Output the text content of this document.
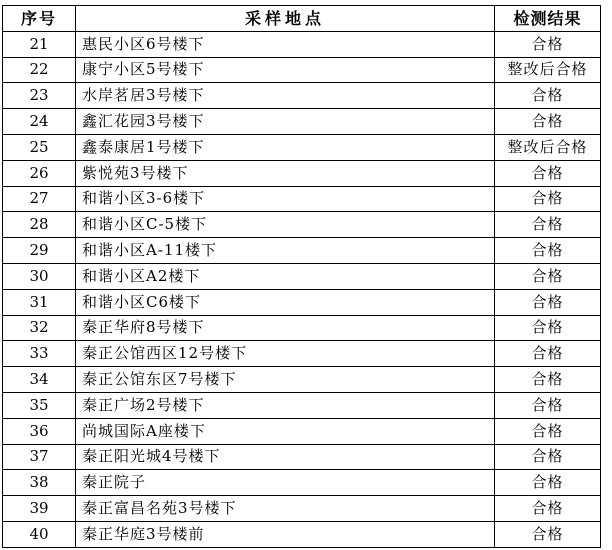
序号	采样地点	检测结果
21	惠民小区6号楼下	合格
22	康宁小区5号楼下	整改后合格
23	水岸茗居3号楼下	合格
24	鑫汇花园3号楼下	合格
25	鑫泰康居1号楼下	整改后合格
26	紫悦苑3号楼下	合格
27	和谐小区3-6楼下	合格
28	和谐小区C-5楼下	合格
29	和谐小区A-11楼下	合格
30	和谐小区A2楼下	合格
31	和谐小区C6楼下	合格
32	秦正华府8号楼下	合格
33	秦正公馆西区12号楼下	合格
34	秦正公馆东区7号楼下	合格
35	秦正广场2号楼下	合格
36	尚城国际A座楼下	合格
37	秦正阳光城4号楼下	合格
38	秦正院子	合格
39	秦正富昌名苑3号楼下	合格
40	秦正华庭3号楼前	合格
